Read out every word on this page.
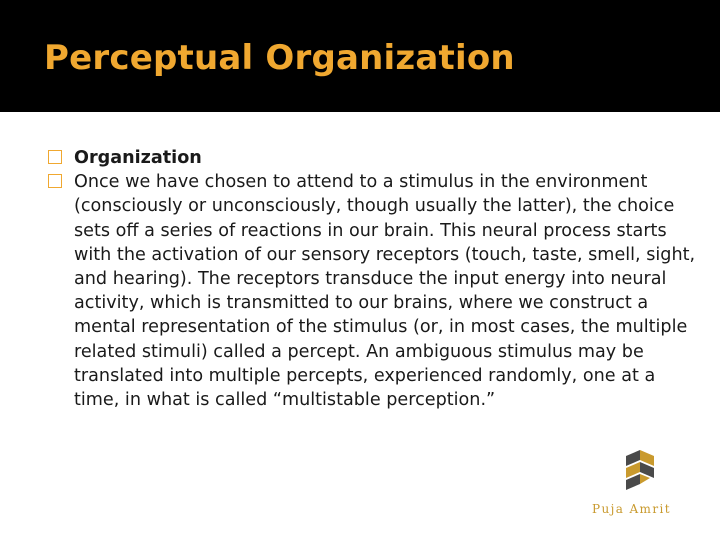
Perceptual Organization
Organization
Once we have chosen to attend to a stimulus in the environment (consciously or unconsciously, though usually the latter), the choice sets off a series of reactions in our brain. This neural process starts with the activation of our sensory receptors (touch, taste, smell, sight, and hearing). The receptors transduce the input energy into neural activity, which is transmitted to our brains, where we construct a mental representation of the stimulus (or, in most cases, the multiple related stimuli) called a percept. An ambiguous stimulus may be translated into multiple percepts, experienced randomly, one at a time, in what is called “multistable perception.”
Puja Amrit
